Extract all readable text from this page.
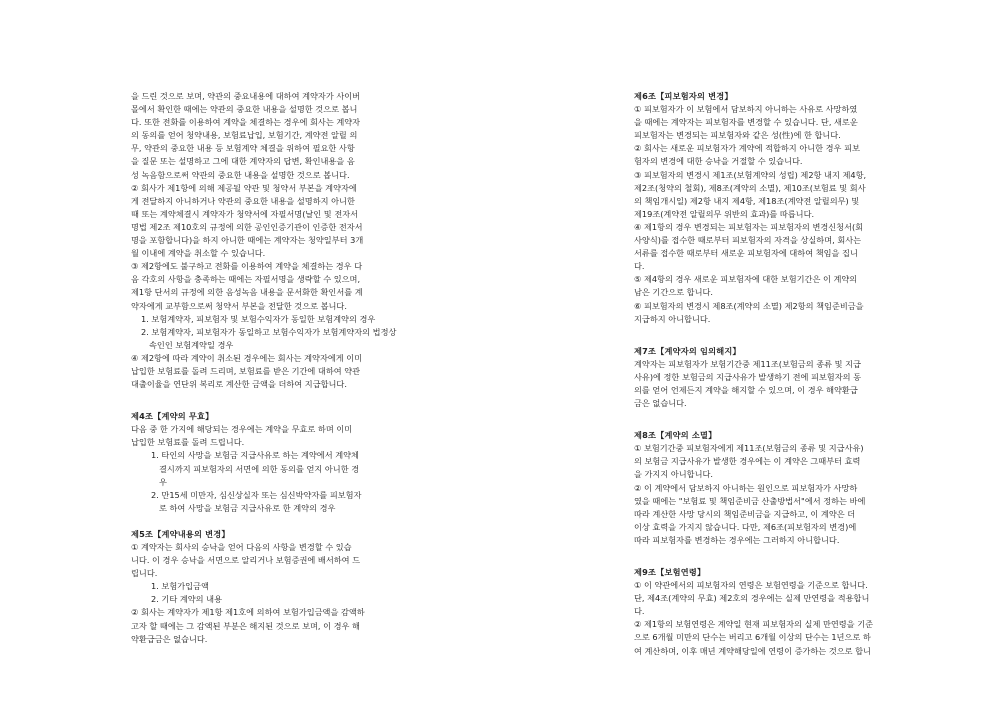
을 드린 것으로 보며, 약관의 중요내용에 대하여 계약자가 사이버

몰에서 확인한 때에는 약관의 중요한 내용을 설명한 것으로 봅니

다. 또한 전화를 이용하여 계약을 체결하는 경우에 회사는 계약자

의 동의를 얻어 청약내용, 보험료납입, 보험기간, 계약전 알릴 의

무, 약관의 중요한 내용 등 보험계약 체결을 위하여 필요한 사항

을 질문 또는 설명하고 그에 대한 계약자의 답변, 확인내용을 음

성 녹음함으로써 약관의 중요한 내용을 설명한 것으로 봅니다.

② 회사가 제1항에 의해 제공될 약관 및 청약서 부본을 계약자에

게 전달하지 아니하거나 약관의 중요한 내용을 설명하지 아니한

때 또는 계약체결시 계약자가 청약서에 자필서명(날인 및 전자서

명법 제2조 제10호의 규정에 의한 공인인증기관이 인증한 전자서

명을 포함합니다)을 하지 아니한 때에는 계약자는 청약일부터 3개

월 이내에 계약을 취소할 수 있습니다.

③ 제2항에도 불구하고 전화를 이용하여 계약을 체결하는 경우 다

음 각호의 사항을 충족하는 때에는 자필서명을 생략할 수 있으며,

제1항 단서의 규정에 의한 음성녹음 내용을 문서화한 확인서를 계

약자에게 교부함으로써 청약서 부본을 전달한 것으로 봅니다.

1. 보험계약자, 피보험자 및 보험수익자가 동일한 보험계약의 경우

2. 보험계약자, 피보험자가 동일하고 보험수익자가 보험계약자의 법정상

속인인 보험계약일 경우

④ 제2항에 따라 계약이 취소된 경우에는 회사는 계약자에게 이미

납입한 보험료를 돌려 드리며, 보험료를 받은 기간에 대하여 약관

대출이율을 연단위 복리로 계산한 금액을 더하여 지급합니다.

제4조【계약의 무효】

다음 중 한 가지에 해당되는 경우에는 계약을 무효로 하며 이미

납입한 보험료를 돌려 드립니다.

1. 타인의 사망을 보험금 지급사유로 하는 계약에서 계약체

결시까지 피보험자의 서면에 의한 동의를 얻지 아니한 경

우

2. 만15세 미만자, 심신상실자 또는 심신박약자를 피보험자

로 하여 사망을 보험금 지급사유로 한 계약의 경우

제5조【계약내용의 변경】

① 계약자는 회사의 승낙을 얻어 다음의 사항을 변경할 수 있습

니다. 이 경우 승낙을 서면으로 알리거나 보험증권에 배서하여 드

립니다.

1. 보험가입금액

2. 기타 계약의 내용

② 회사는 계약자가 제1항 제1호에 의하여 보험가입금액을 감액하

고자 할 때에는 그 감액된 부분은 해지된 것으로 보며, 이 경우 해

약환급금은 없습니다.

제6조【피보험자의 변경】

① 피보험자가 이 보험에서 담보하지 아니하는 사유로 사망하였

을 때에는 계약자는 피보험자를 변경할 수 있습니다. 단, 새로운

피보험자는 변경되는 피보험자와 같은 성(性)에 한 합니다.

② 회사는 새로운 피보험자가 계약에 적합하지 아니한 경우 피보

험자의 변경에 대한 승낙을 거절할 수 있습니다.

③ 피보험자의 변경시 제1조(보험계약의 성립) 제2항 내지 제4항,

제2조(청약의 철회), 제8조(계약의 소멸), 제10조(보험료 및 회사

의 책임개시일) 제2항 내지 제4항, 제18조(계약전 알릴의무) 및

제19조(계약전 알릴의무 위반의 효과)를 따릅니다.

④ 제1항의 경우 변경되는 피보험자는 피보험자의 변경신청서(회

사양식)를 접수한 때로부터 피보험자의 자격을 상실하며, 회사는

서류를 접수한 때로부터 새로운 피보험자에 대하여 책임을 집니

다.

⑤ 제4항의 경우 새로운 피보험자에 대한 보험기간은 이 계약의

남은 기간으로 합니다.

⑥ 피보험자의 변경시 제8조(계약의 소멸) 제2항의 책임준비금을

지급하지 아니합니다.

제7조【계약자의 임의해지】

계약자는 피보험자가 보험기간중 제11조(보험금의 종류 및 지급

사유)에 정한 보험금의 지급사유가 발생하기 전에 피보험자의 동

의를 얻어 언제든지 계약을 해지할 수 있으며, 이 경우 해약환급

금은 없습니다.

제8조【계약의 소멸】

① 보험기간중 피보험자에게 제11조(보험금의 종류 및 지급사유)

의 보험금 지급사유가 발생한 경우에는 이 계약은 그때부터 효력

을 가지지 아니합니다.

② 이 계약에서 담보하지 아니하는 원인으로 피보험자가 사망하

였을 때에는 "보험료 및 책임준비금 산출방법서"에서 정하는 바에

따라 계산한 사망 당시의 책임준비금을 지급하고, 이 계약은 더

이상 효력을 가지지 않습니다. 다만, 제6조(피보험자의 변경)에

따라 피보험자를 변경하는 경우에는 그러하지 아니합니다.

제9조【보험연령】

① 이 약관에서의 피보험자의 연령은 보험연령을 기준으로 합니다.

단, 제4조(계약의 무효) 제2호의 경우에는 실제 만연령을 적용합니

다.

② 제1항의 보험연령은 계약일 현재 피보험자의 실제 만연령을 기준

으로 6개월 미만의 단수는 버리고 6개월 이상의 단수는 1년으로 하

여 계산하며, 이후 매년 계약해당일에 연령이 증가하는 것으로 합니
